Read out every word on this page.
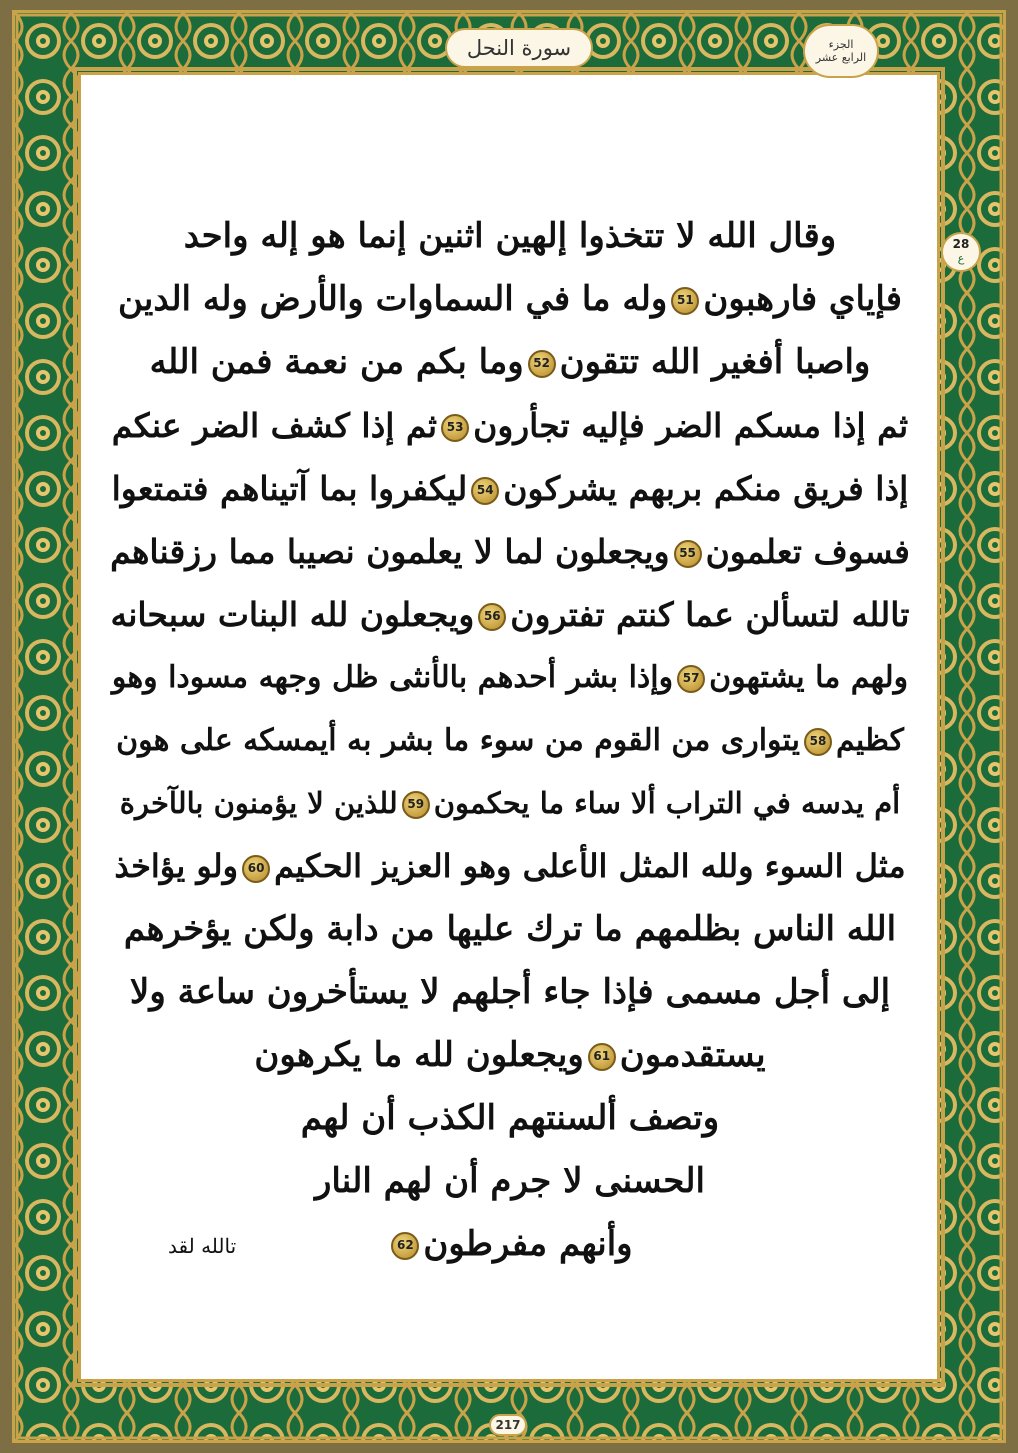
سورة النحل	الجزء
الرابع عشر
28
ع
وقال الله لا تتخذوا إلهين اثنين إنما هو إله واحد
فإياي فارهبون51وله ما في السماوات والأرض وله الدين
واصبا أفغير الله تتقون52وما بكم من نعمة فمن الله
ثم إذا مسكم الضر فإليه تجأرون53ثم إذا كشف الضر عنكم
إذا فريق منكم بربهم يشركون54ليكفروا بما آتيناهم فتمتعوا
فسوف تعلمون55ويجعلون لما لا يعلمون نصيبا مما رزقناهم
تالله لتسألن عما كنتم تفترون56ويجعلون لله البنات سبحانه
ولهم ما يشتهون57وإذا بشر أحدهم بالأنثى ظل وجهه مسودا وهو
كظيم58يتوارى من القوم من سوء ما بشر به أيمسكه على هون
أم يدسه في التراب ألا ساء ما يحكمون59للذين لا يؤمنون بالآخرة
مثل السوء ولله المثل الأعلى وهو العزيز الحكيم60ولو يؤاخذ
الله الناس بظلمهم ما ترك عليها من دابة ولكن يؤخرهم
إلى أجل مسمى فإذا جاء أجلهم لا يستأخرون ساعة ولا
يستقدمون61ويجعلون لله ما يكرهون
وتصف ألسنتهم الكذب أن لهم
الحسنى لا جرم أن لهم النار
وأنهم مفرطون62
تالله لقد
217
